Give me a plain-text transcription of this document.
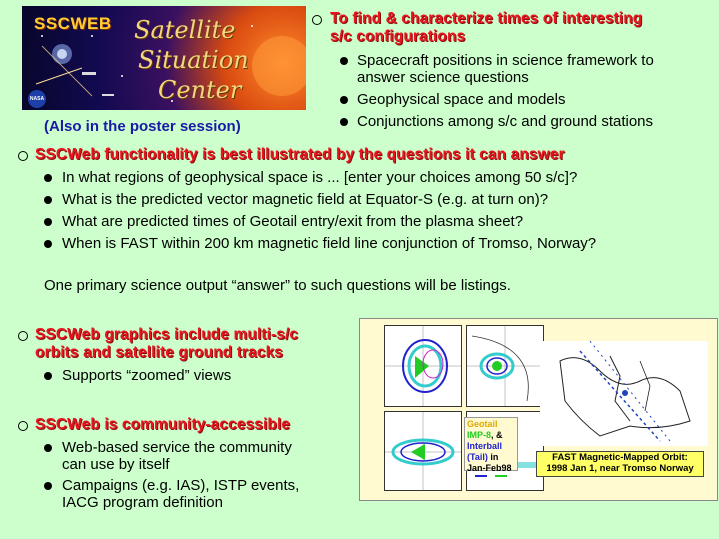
SSCWEB Satellite
Situation
Center
NASA
(Also in the poster session)
To find & characterize times of interesting
s/c configurations
Spacecraft positions in science framework to
answer science questions
Geophysical space and models
Conjunctions among s/c and ground stations
SSCWeb functionality is best illustrated by the questions it can answer
In what regions of geophysical space is ... [enter your choices among 50 s/c]?
What is the predicted vector magnetic field at Equator-S (e.g. at turn on)?
What are predicted times of Geotail entry/exit from the plasma sheet?
When is FAST within 200 km magnetic field line conjunction of Tromso, Norway?
One primary science output “answer” to such questions will be listings.
SSCWeb graphics include multi-s/c
orbits and satellite ground tracks
Supports “zoomed” views
SSCWeb is community-accessible
Web-based service the community
can use by itself
Campaigns (e.g. IAS), ISTP events,
IACG program definition
Geotail
IMP-8, &
Interball
(Tail) in
Jan-Feb98
FAST Magnetic-Mapped Orbit:
1998 Jan 1, near Tromso Norway
